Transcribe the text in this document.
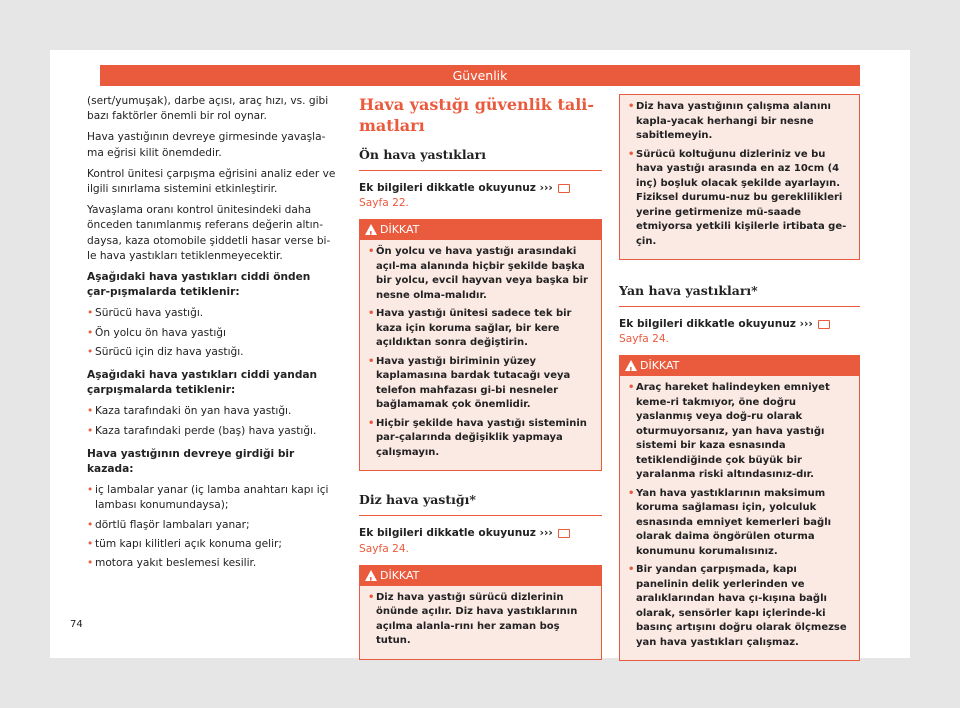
Güvenlik

(sert/yumuşak), darbe açısı, araç hızı, vs. gibi bazı faktörler önemli bir rol oynar.

Hava yastığının devreye girmesinde yavaşla-ma eğrisi kilit önemdedir.

Kontrol ünitesi çarpışma eğrisini analiz eder ve ilgili sınırlama sistemini etkinleştirir.

Yavaşlama oranı kontrol ünitesindeki daha önceden tanımlanmış referans değerin altın-daysa, kaza otomobile şiddetli hasar verse bi-le hava yastıkları tetiklenmeyecektir.

Aşağıdaki hava yastıkları ciddi önden çar-pışmalarda tetiklenir:

• Sürücü hava yastığı.
• Ön yolcu ön hava yastığı
• Sürücü için diz hava yastığı.

Aşağıdaki hava yastıkları ciddi yandan çarpışmalarda tetiklenir:

• Kaza tarafındaki ön yan hava yastığı.
• Kaza tarafındaki perde (baş) hava yastığı.

Hava yastığının devreye girdiği bir kazada:

• iç lambalar yanar (iç lamba anahtarı kapı içi lambası konumundaysa);
• dörtlü flaşör lambaları yanar;
• tüm kapı kilitleri açık konuma gelir;
• motora yakıt beslemesi kesilir.
Hava yastığı güvenlik tali-matları
Ön hava yastıkları

Ek bilgileri dikkatle okuyunuz ›››  Sayfa 22.

!
DİKKAT
• Ön yolcu ve hava yastığı arasındaki açıl-ma alanında hiçbir şekilde başka bir yolcu, evcil hayvan veya başka bir nesne olma-malıdır.
• Hava yastığı ünitesi sadece tek bir kaza için koruma sağlar, bir kere açıldıktan sonra değiştirin.
• Hava yastığı biriminin yüzey kaplamasına bardak tutacağı veya telefon mahfazası gi-bi nesneler bağlamamak çok önemlidir.
• Hiçbir şekilde hava yastığı sisteminin par-çalarında değişiklik yapmaya çalışmayın.
Diz hava yastığı*

Ek bilgileri dikkatle okuyunuz ›››  Sayfa 24.

!
DİKKAT
• Diz hava yastığı sürücü dizlerinin önünde açılır. Diz hava yastıklarının açılma alanla-rını her zaman boş tutun.
• Diz hava yastığının çalışma alanını kapla-yacak herhangi bir nesne sabitlemeyin.
• Sürücü koltuğunu dizleriniz ve bu hava yastığı arasında en az 10cm (4 inç) boşluk olacak şekilde ayarlayın. Fiziksel durumu-nuz bu gereklilikleri yerine getirmenize mü-saade etmiyorsa yetkili kişilerle irtibata ge-çin.
Yan hava yastıkları*

Ek bilgileri dikkatle okuyunuz ›››  Sayfa 24.

!
DİKKAT
• Araç hareket halindeyken emniyet keme-ri takmıyor, öne doğru yaslanmış veya doğ-ru olarak oturmuyorsanız, yan hava yastığı sistemi bir kaza esnasında tetiklendiğinde çok büyük bir yaralanma riski altındasınız-dır.
• Yan hava yastıklarının maksimum koruma sağlaması için, yolculuk esnasında emniyet kemerleri bağlı olarak daima öngörülen oturma konumunu korumalısınız.
• Bir yandan çarpışmada, kapı panelinin delik yerlerinden ve aralıklarından hava çı-kışına bağlı olarak, sensörler kapı içlerinde-ki basınç artışını doğru olarak ölçmezse yan hava yastıkları çalışmaz.
74
